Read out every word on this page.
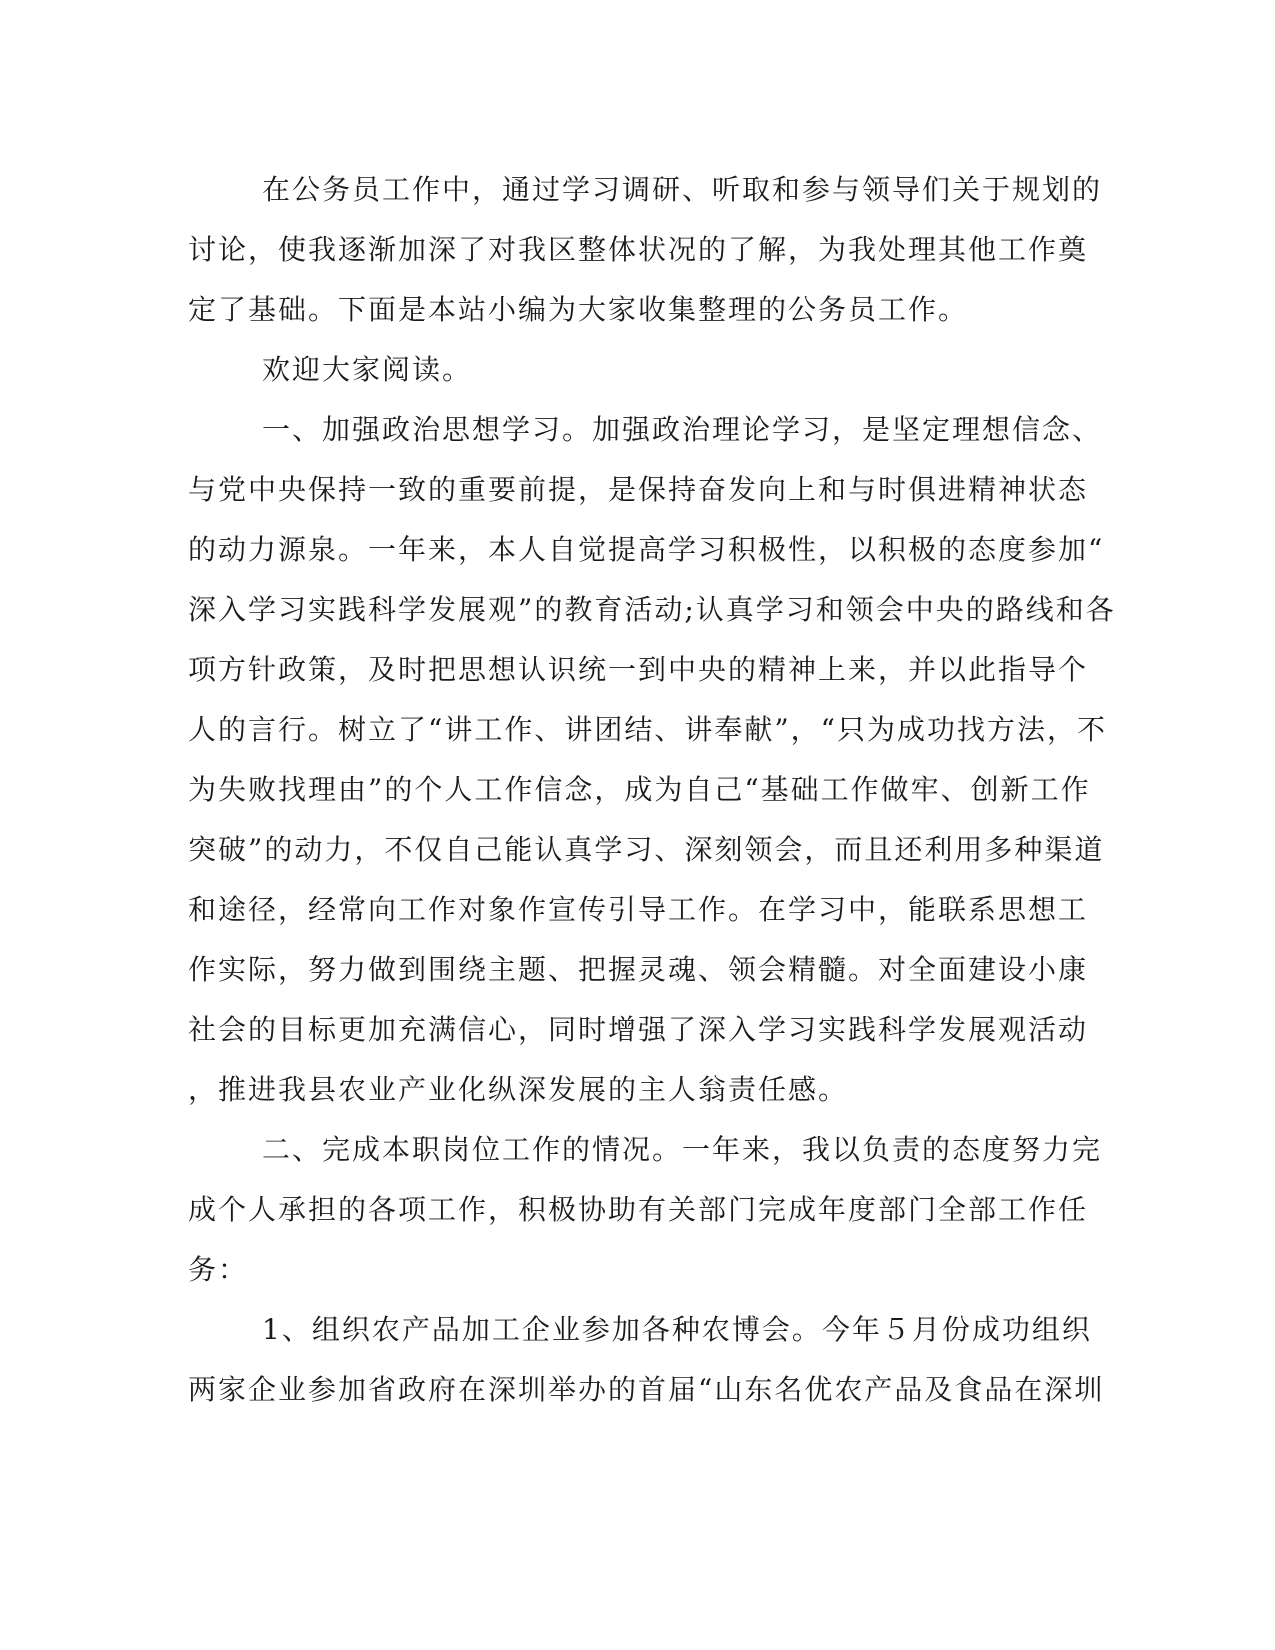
在公务员工作中，通过学习调研、听取和参与领导们关于规划的
讨论，使我逐渐加深了对我区整体状况的了解，为我处理其他工作奠
定了基础。下面是本站小编为大家收集整理的公务员工作。
欢迎大家阅读。
一、加强政治思想学习。加强政治理论学习，是坚定理想信念、
与党中央保持一致的重要前提，是保持奋发向上和与时俱进精神状态
的动力源泉。一年来，本人自觉提高学习积极性，以积极的态度参加“
深入学习实践科学发展观”的教育活动;认真学习和领会中央的路线和各
项方针政策，及时把思想认识统一到中央的精神上来，并以此指导个
人的言行。树立了“讲工作、讲团结、讲奉献”，“只为成功找方法，不
为失败找理由”的个人工作信念，成为自己“基础工作做牢、创新工作
突破”的动力，不仅自己能认真学习、深刻领会，而且还利用多种渠道
和途径，经常向工作对象作宣传引导工作。在学习中，能联系思想工
作实际，努力做到围绕主题、把握灵魂、领会精髓。对全面建设小康
社会的目标更加充满信心，同时增强了深入学习实践科学发展观活动
，推进我县农业产业化纵深发展的主人翁责任感。
二、完成本职岗位工作的情况。一年来，我以负责的态度努力完
成个人承担的各项工作，积极协助有关部门完成年度部门全部工作任
务：
1、组织农产品加工企业参加各种农博会。今年５月份成功组织
两家企业参加省政府在深圳举办的首届“山东名优农产品及食品在深圳
